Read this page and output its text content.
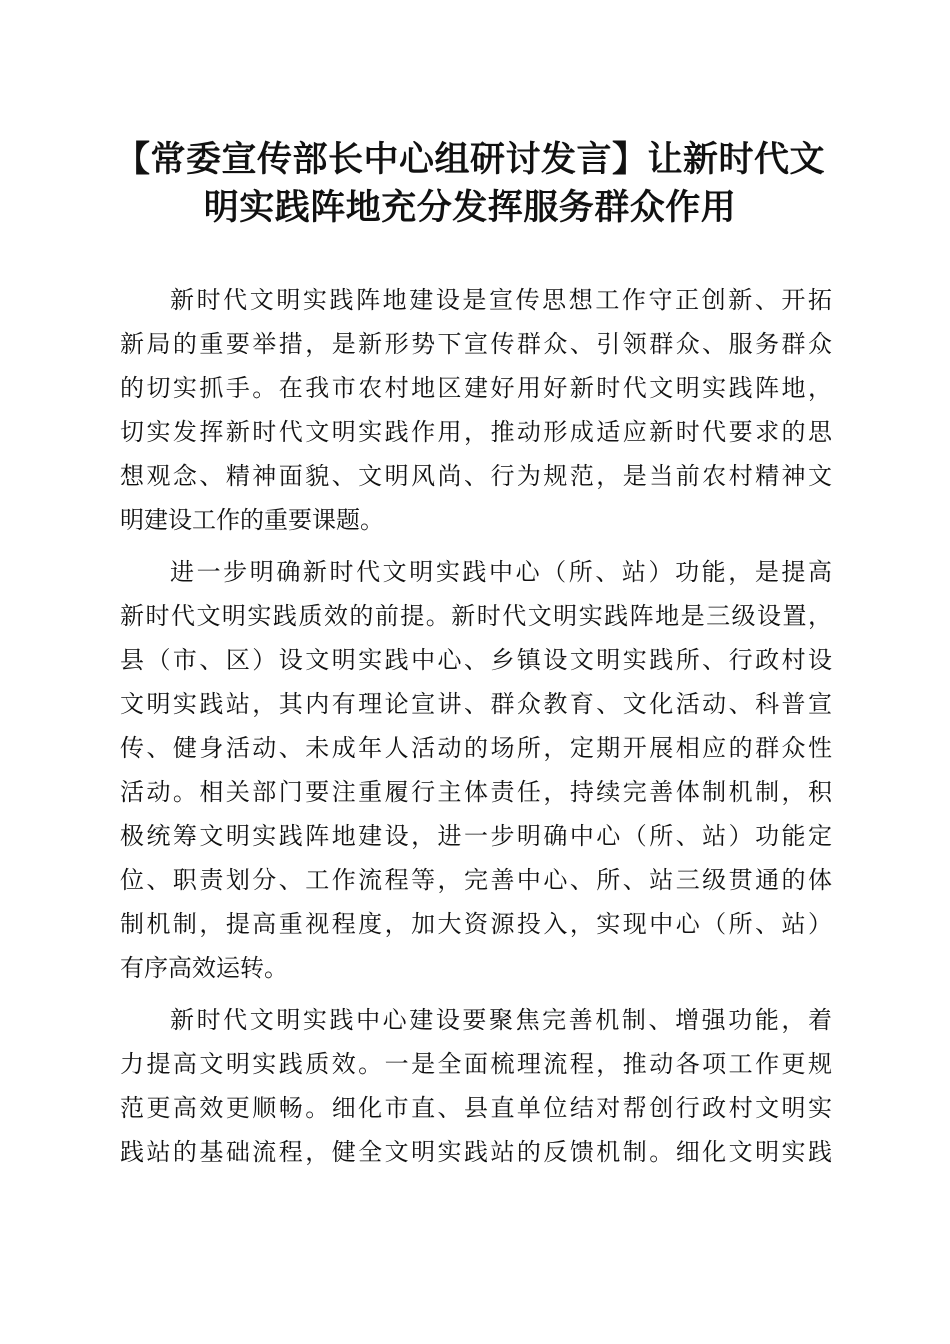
【常委宣传部长中心组研讨发言】让新时代文
明实践阵地充分发挥服务群众作用
新时代文明实践阵地建设是宣传思想工作守正创新、开拓
新局的重要举措，是新形势下宣传群众、引领群众、服务群众
的切实抓手。在我市农村地区建好用好新时代文明实践阵地，
切实发挥新时代文明实践作用，推动形成适应新时代要求的思
想观念、精神面貌、文明风尚、行为规范，是当前农村精神文
明建设工作的重要课题。
进一步明确新时代文明实践中心（所、站）功能，是提高
新时代文明实践质效的前提。新时代文明实践阵地是三级设置，
县（市、区）设文明实践中心、乡镇设文明实践所、行政村设
文明实践站，其内有理论宣讲、群众教育、文化活动、科普宣
传、健身活动、未成年人活动的场所，定期开展相应的群众性
活动。相关部门要注重履行主体责任，持续完善体制机制，积
极统筹文明实践阵地建设，进一步明确中心（所、站）功能定
位、职责划分、工作流程等，完善中心、所、站三级贯通的体
制机制，提高重视程度，加大资源投入，实现中心（所、站）
有序高效运转。
新时代文明实践中心建设要聚焦完善机制、增强功能，着
力提高文明实践质效。一是全面梳理流程，推动各项工作更规
范更高效更顺畅。细化市直、县直单位结对帮创行政村文明实
践站的基础流程，健全文明实践站的反馈机制。细化文明实践
